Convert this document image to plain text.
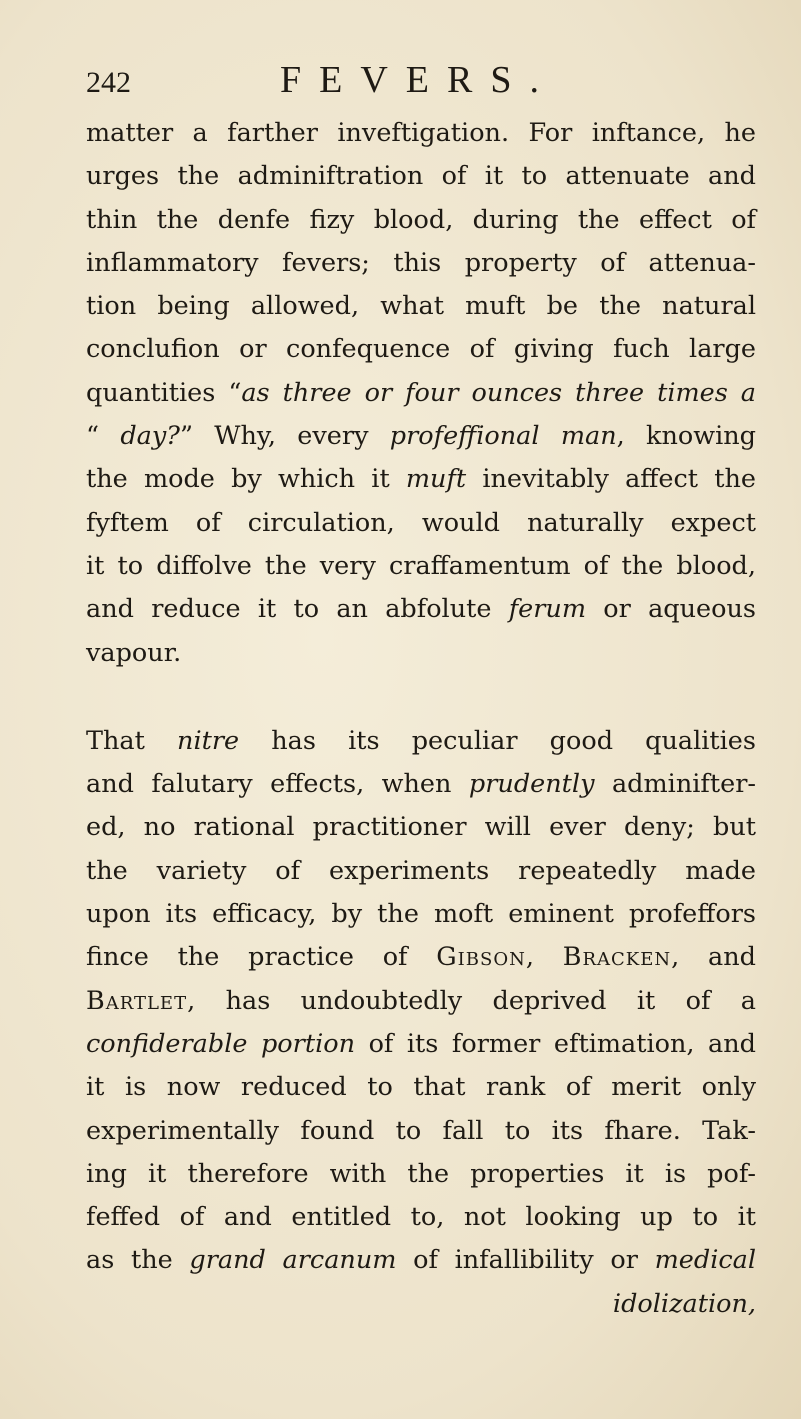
242	FEVERS.
matter a farther inveftigation. For inftance, he
urges the adminiftration of it to attenuate and
thin the denfe fizy blood, during the effect of
inflammatory fevers; this property of attenua-
tion being allowed, what muft be the natural
conclufion or confequence of giving fuch large
quantities “as three or four ounces three times a
“ day?” Why, every profeffional man, knowing
the mode by which it muft inevitably affect the
fyftem of circulation, would naturally expect
it to diffolve the very craffamentum of the blood,
and reduce it to an abfolute ferum or aqueous
vapour.
That nitre has its peculiar good qualities
and falutary effects, when prudently adminifter-
ed, no rational practitioner will ever deny; but
the variety of experiments repeatedly made
upon its efficacy, by the moft eminent profeffors
fince the practice of Gibson, Bracken, and
Bartlet, has undoubtedly deprived it of a
confiderable portion of its former eftimation, and
it is now reduced to that rank of merit only
experimentally found to fall to its fhare. Tak-
ing it therefore with the properties it is pof-
feffed of and entitled to, not looking up to it
as the grand arcanum of infallibility or medical
idolization,
